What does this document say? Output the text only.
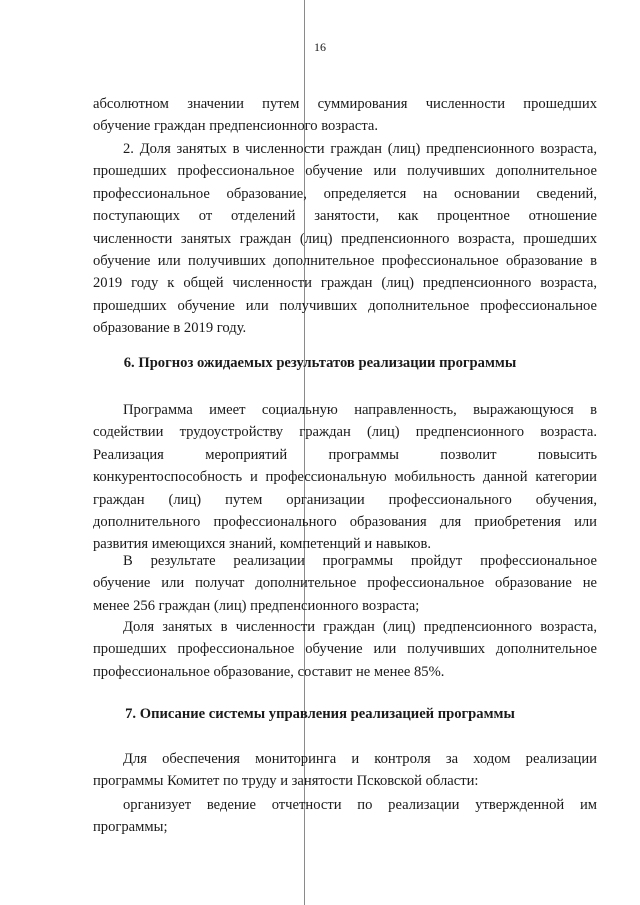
16
абсолютном значении путем суммирования численности прошедших
обучение граждан предпенсионного возраста.
2. Доля занятых в численности граждан (лиц) предпенсионного возраста,
прошедших профессиональное обучение или получивших дополнительное
профессиональное образование, определяется на основании сведений,
поступающих от отделений занятости, как процентное отношение
численности занятых граждан (лиц) предпенсионного возраста, прошедших
обучение или получивших дополнительное профессиональное образование в
2019 году к общей численности граждан (лиц) предпенсионного возраста,
прошедших обучение или получивших дополнительное профессиональное
образование в 2019 году.
6. Прогноз ожидаемых результатов реализации программы
Программа имеет социальную направленность, выражающуюся в
содействии трудоустройству граждан (лиц) предпенсионного возраста.
Реализация мероприятий программы позволит повысить
конкурентоспособность и профессиональную мобильность данной категории
граждан (лиц) путем организации профессионального обучения,
дополнительного профессионального образования для приобретения или
развития имеющихся знаний, компетенций и навыков.
В результате реализации программы пройдут профессиональное
обучение или получат дополнительное профессиональное образование не
менее 256 граждан (лиц) предпенсионного возраста;
Доля занятых в численности граждан (лиц) предпенсионного возраста,
прошедших профессиональное обучение или получивших дополнительное
профессиональное образование, составит не менее 85%.
7. Описание системы управления реализацией программы
Для обеспечения мониторинга и контроля за ходом реализации
программы Комитет по труду и занятости Псковской области:
организует ведение отчетности по реализации утвержденной им
программы;
